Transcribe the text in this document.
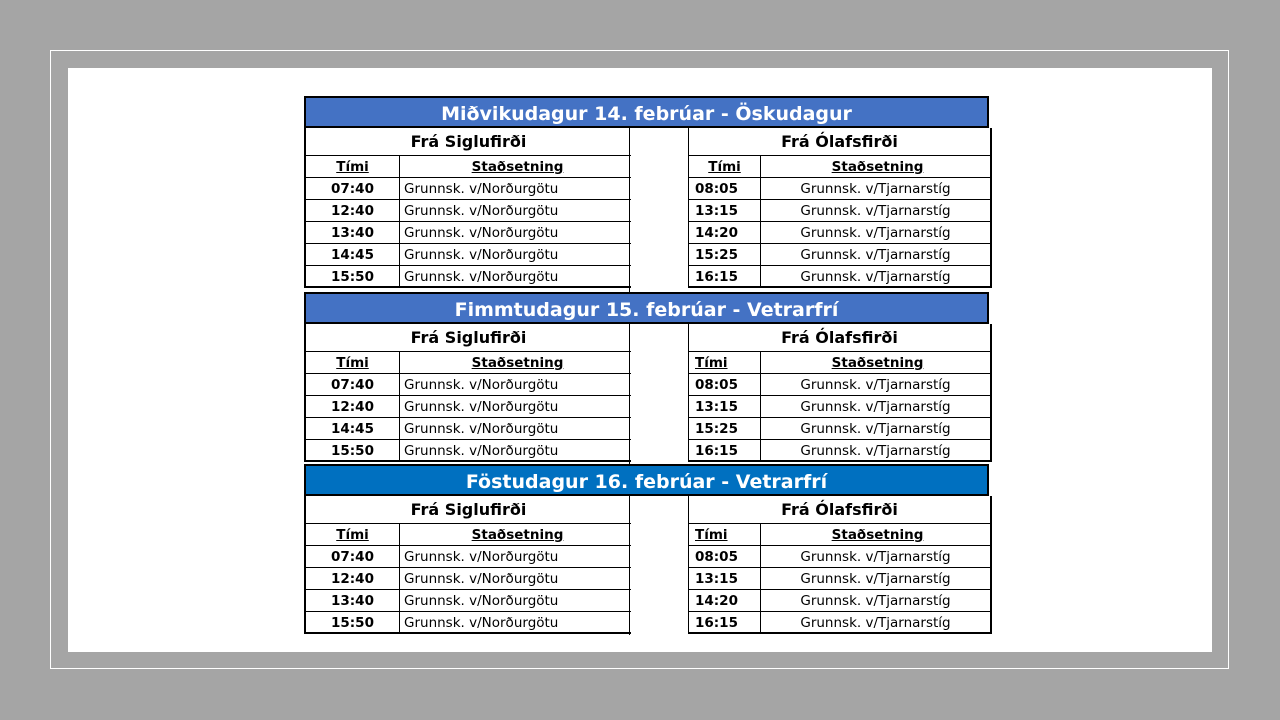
Miðvikudagur 14. febrúar - Öskudagur
Frá Siglufirði
Tími	Staðsetning
07:40	Grunnsk. v/Norðurgötu
12:40	Grunnsk. v/Norðurgötu
13:40	Grunnsk. v/Norðurgötu
14:45	Grunnsk. v/Norðurgötu
15:50	Grunnsk. v/Norðurgötu
Frá Ólafsfirði
Tími	Staðsetning
08:05	Grunnsk. v/Tjarnarstíg
13:15	Grunnsk. v/Tjarnarstíg
14:20	Grunnsk. v/Tjarnarstíg
15:25	Grunnsk. v/Tjarnarstíg
16:15	Grunnsk. v/Tjarnarstíg
Fimmtudagur 15. febrúar - Vetrarfrí
Frá Siglufirði
Tími	Staðsetning
07:40	Grunnsk. v/Norðurgötu
12:40	Grunnsk. v/Norðurgötu
14:45	Grunnsk. v/Norðurgötu
15:50	Grunnsk. v/Norðurgötu
Frá Ólafsfirði
Tími	Staðsetning
08:05	Grunnsk. v/Tjarnarstíg
13:15	Grunnsk. v/Tjarnarstíg
15:25	Grunnsk. v/Tjarnarstíg
16:15	Grunnsk. v/Tjarnarstíg
Föstudagur 16. febrúar - Vetrarfrí
Frá Siglufirði
Tími	Staðsetning
07:40	Grunnsk. v/Norðurgötu
12:40	Grunnsk. v/Norðurgötu
13:40	Grunnsk. v/Norðurgötu
15:50	Grunnsk. v/Norðurgötu
Frá Ólafsfirði
Tími	Staðsetning
08:05	Grunnsk. v/Tjarnarstíg
13:15	Grunnsk. v/Tjarnarstíg
14:20	Grunnsk. v/Tjarnarstíg
16:15	Grunnsk. v/Tjarnarstíg
